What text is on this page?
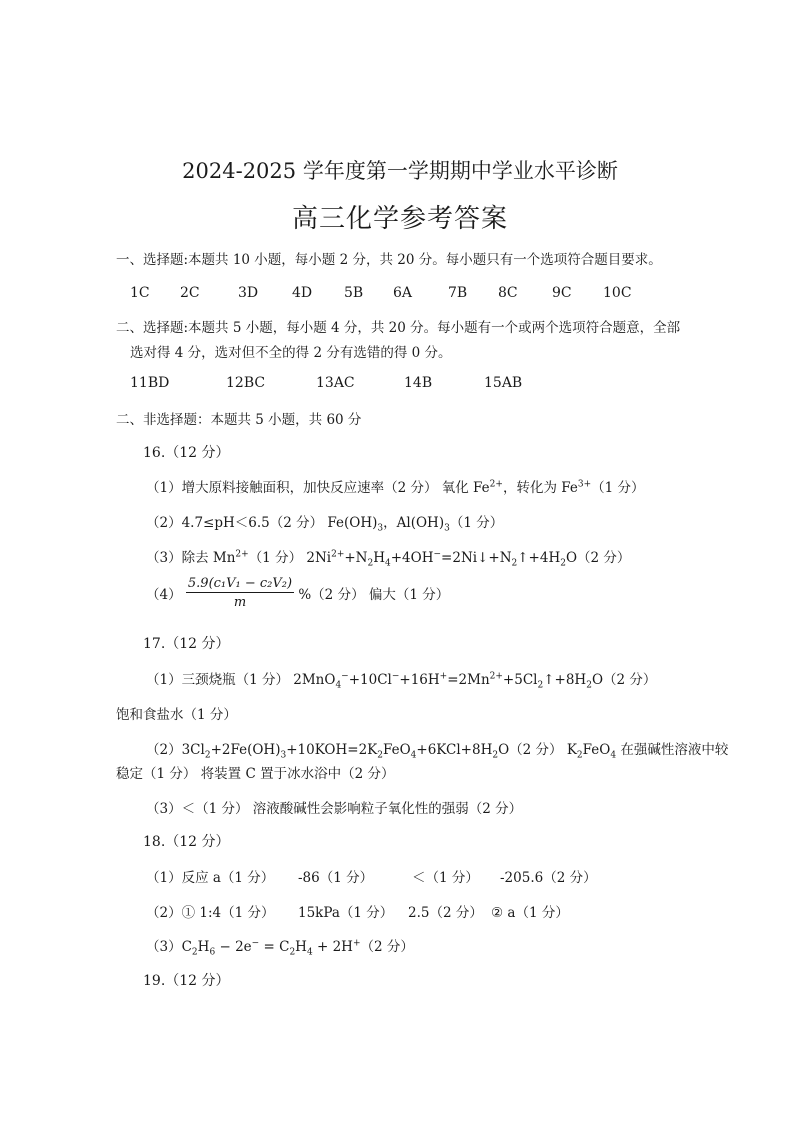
2024-2025 学年度第一学期期中学业水平诊断
高三化学参考答案
一、选择题:本题共 10 小题，每小题 2 分，共 20 分。每小题只有一个选项符合题目要求。
1C 2C	3D 4D 5B 6A	7B 8C 9C 10C
二、选择题:本题共 5 小题，每小题 4 分，共 20 分。每小题有一个或两个选项符合题意，全部
选对得 4 分，选对但不全的得 2 分有选错的得 0 分。
11BD	12BC	13AC	14B	15AB
二、非选择题：本题共 5 小题，共 60 分
16.（12 分）
（1）增大原料接触面积，加快反应速率（2 分） 氧化 $Fe^{2+}$，转化为 $Fe^{3+}(1$ 分）
（2）4.7≤pH＜6.5（2 分） $Fe(OH)_3$，$Al(OH)_3(1$ 分）
（3）除去 $Mn^{2+}(1$ 分） $2Ni^{2+}+N_2H_4+4OH^-=2Ni↓+N_2↑+4H_2O(2$ 分）
$(4) \frac{\text{5.9(c₁V₁ − c₂V₂)}}{m} \%(2$ 分） 偏大（1 分）
17.（12 分）
（1）三颈烧瓶（1 分） $2MnO_4^-+10Cl^-+16H^+=2Mn^{2+}+5Cl_2↑+8H_2O(2$ 分）
饱和食盐水（1 分）
$(2)3Cl_2+2Fe(OH)_3+10KOH=2K_2FeO_4+6KCl+8H_2O(2$ 分） $K_2FeO_4$ 在强碱性溶液中较
稳定（1 分） 将装置 C 置于冰水浴中（2 分）
（3）＜（1 分） 溶液酸碱性会影响粒子氧化性的强弱（2 分）
18.（12 分）
（1）反应 a（1 分） -86（1 分）	＜（1 分） -205.6（2 分）
（2）① 1:4（1 分） 15kPa（1 分） 2.5（2 分） ② a（1 分）
$(3)C_2H_6 - 2e^- = C_2H_4 + 2H^+(2$ 分）
19.（12 分）
